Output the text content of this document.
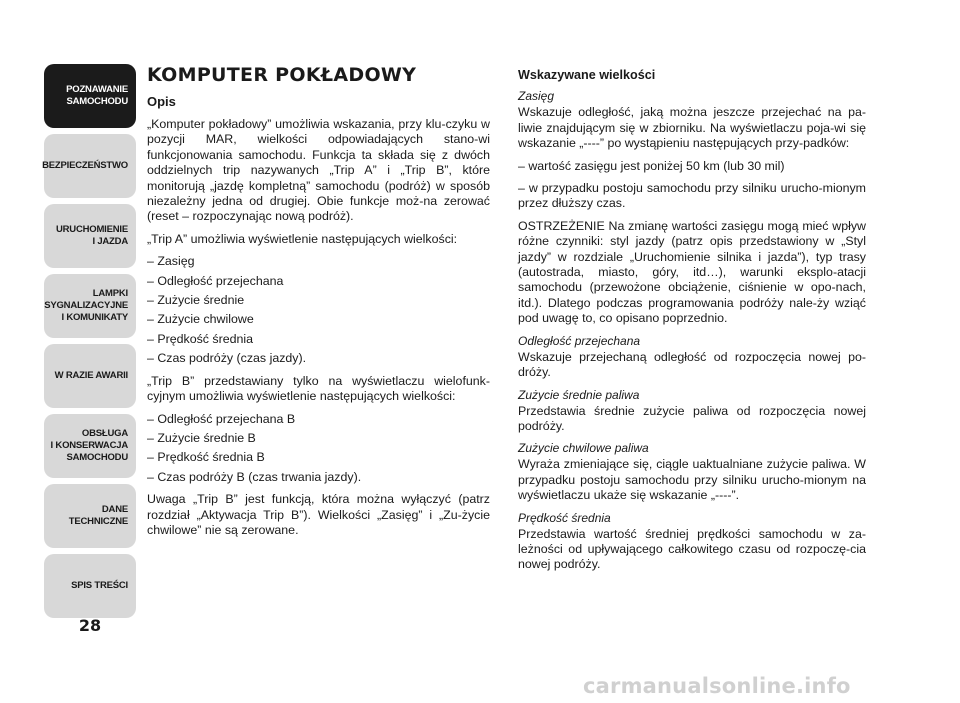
POZNAWANIE
SAMOCHODU
BEZPIECZEŃSTWO
URUCHOMIENIE
I JAZDA
LAMPKI
SYGNALIZACYJNE
I KOMUNIKATY
W RAZIE AWARII
OBSŁUGA
I KONSERWACJA
SAMOCHODU
DANE
TECHNICZNE
SPIS TREŚCI
28
KOMPUTER POKŁADOWY
Opis

„Komputer pokładowy” umożliwia wskazania, przy klu-czyku w pozycji MAR, wielkości odpowiadających stano-wi funkcjonowania samochodu. Funkcja ta składa się z dwóch oddzielnych trip nazywanych „Trip A” i „Trip B”, które monitorują „jazdę kompletną” samochodu (podróż) w sposób niezależny jedna od drugiej. Obie funkcje moż-na zerować (reset – rozpoczynając nową podróż).

„Trip A” umożliwia wyświetlenie następujących wielkości:

– Zasięg

– Odległość przejechana

– Zużycie średnie

– Zużycie chwilowe

– Prędkość średnia

– Czas podróży (czas jazdy).

„Trip B” przedstawiany tylko na wyświetlaczu wielofunk-cyjnym umożliwia wyświetlenie następujących wielkości:

– Odległość przejechana B

– Zużycie średnie B

– Prędkość średnia B

– Czas podróży B (czas trwania jazdy).

Uwaga „Trip B” jest funkcją, która można wyłączyć (patrz rozdział „Aktywacja Trip B”). Wielkości „Zasięg” i „Zu-życie chwilowe” nie są zerowane.

Wskazywane wielkości
Zasięg

Wskazuje odległość, jaką można jeszcze przejechać na pa-liwie znajdującym się w zbiorniku. Na wyświetlaczu poja-wi się wskazanie „----” po wystąpieniu następujących przy-padków:

– wartość zasięgu jest poniżej 50 km (lub 30 mil)

– w przypadku postoju samochodu przy silniku urucho-mionym przez dłuższy czas.

OSTRZEŻENIE Na zmianę wartości zasięgu mogą mieć wpływ różne czynniki: styl jazdy (patrz opis przedstawiony w „Styl jazdy” w rozdziale „Uruchomienie silnika i jazda”), typ trasy (autostrada, miasto, góry, itd…), warunki eksplo-atacji samochodu (przewożone obciążenie, ciśnienie w opo-nach, itd.). Dlatego podczas programowania podróży nale-ży wziąć pod uwagę to, co opisano poprzednio.

Odległość przejechana

Wskazuje przejechaną odległość od rozpoczęcia nowej po-dróży.

Zużycie średnie paliwa

Przedstawia średnie zużycie paliwa od rozpoczęcia nowej podróży.

Zużycie chwilowe paliwa

Wyraża zmieniające się, ciągle uaktualniane zużycie paliwa. W przypadku postoju samochodu przy silniku urucho-mionym na wyświetlaczu ukaże się wskazanie „----”.

Prędkość średnia

Przedstawia wartość średniej prędkości samochodu w za-leżności od upływającego całkowitego czasu od rozpoczę-cia nowej podróży.

carmanualsonline.info
